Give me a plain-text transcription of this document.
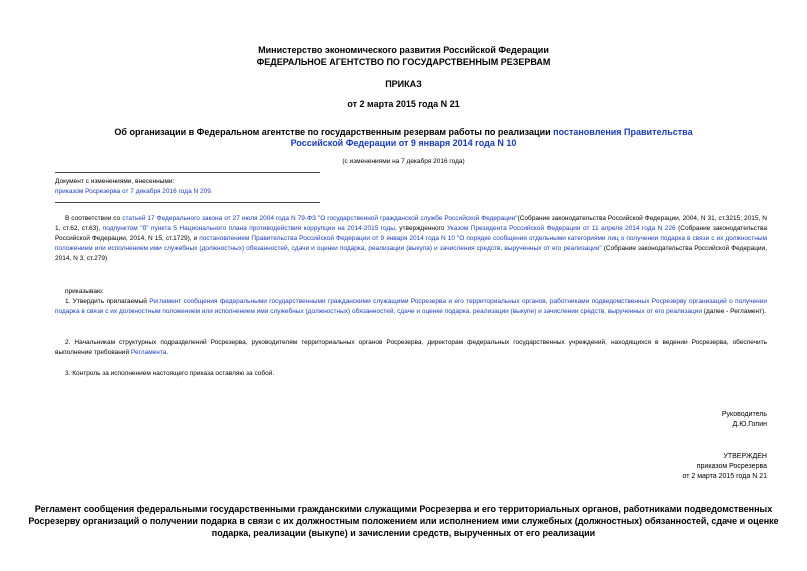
Министерство экономического развития Российской Федерации
ФЕДЕРАЛЬНОЕ АГЕНТСТВО ПО ГОСУДАРСТВЕННЫМ РЕЗЕРВАМ
ПРИКАЗ
от 2 марта 2015 года N 21
Об организации в Федеральном агентстве по государственным резервам работы по реализации постановления Правительства Российской Федерации от 9 января 2014 года N 10
(с изменениями на 7 декабря 2016 года)
Документ с изменениями, внесенными:
приказом Росрезерва от 7 декабря 2016 года N 209.
В соответствии со статьей 17 Федерального закона от 27 июля 2004 года N 79-ФЗ "О государственной гражданской службе Российской Федерации"(Собрание законодательства Российской Федерации, 2004, N 31, ст.3215; 2015, N 1, ст.62, ст.63), подпунктом "б" пункта 5 Национального плана противодействия коррупции на 2014-2015 годы, утвержденного Указом Президента Российской Федерации от 11 апреля 2014 года N 226 (Собрание законодательства Российской Федерации, 2014, N 15, ст.1729), и постановлением Правительства Российской Федерации от 9 января 2014 года N 10 "О порядке сообщения отдельными категориями лиц о получении подарка в связи с их должностным положением или исполнением ими служебных (должностных) обязанностей, сдачи и оценки подарка, реализации (выкупа) и зачисления средств, вырученных от его реализации" (Собрание законодательства Российской Федерации, 2014, N 3, ст.279)
приказываю:
1. Утвердить прилагаемый Регламент сообщения федеральными государственными гражданскими служащими Росрезерва и его территориальных органов, работниками подведомственных Росрезерву организаций о получении подарка в связи с их должностным положением или исполнением ими служебных (должностных) обязанностей, сдаче и оценке подарка, реализации (выкупе) и зачислении средств, вырученных от его реализации (далее - Регламент).
2. Начальникам структурных подразделений Росрезерва, руководителям территориальных органов Росрезерва, директорам федеральных государственных учреждений, находящихся в ведении Росрезерва, обеспечить выполнение требований Регламента.
3. Контроль за исполнением настоящего приказа оставляю за собой.
Руководитель
Д.Ю.Гопин
УТВЕРЖДЕН
приказом Росрезерва
от 2 марта 2015 года N 21
Регламент сообщения федеральными государственными гражданскими служащими Росрезерва и его территориальных органов, работниками подведомственных Росрезерву организаций о получении подарка в связи с их должностным положением или исполнением ими служебных (должностных) обязанностей, сдаче и оценке подарка, реализации (выкупе) и зачислении средств, вырученных от его реализации
